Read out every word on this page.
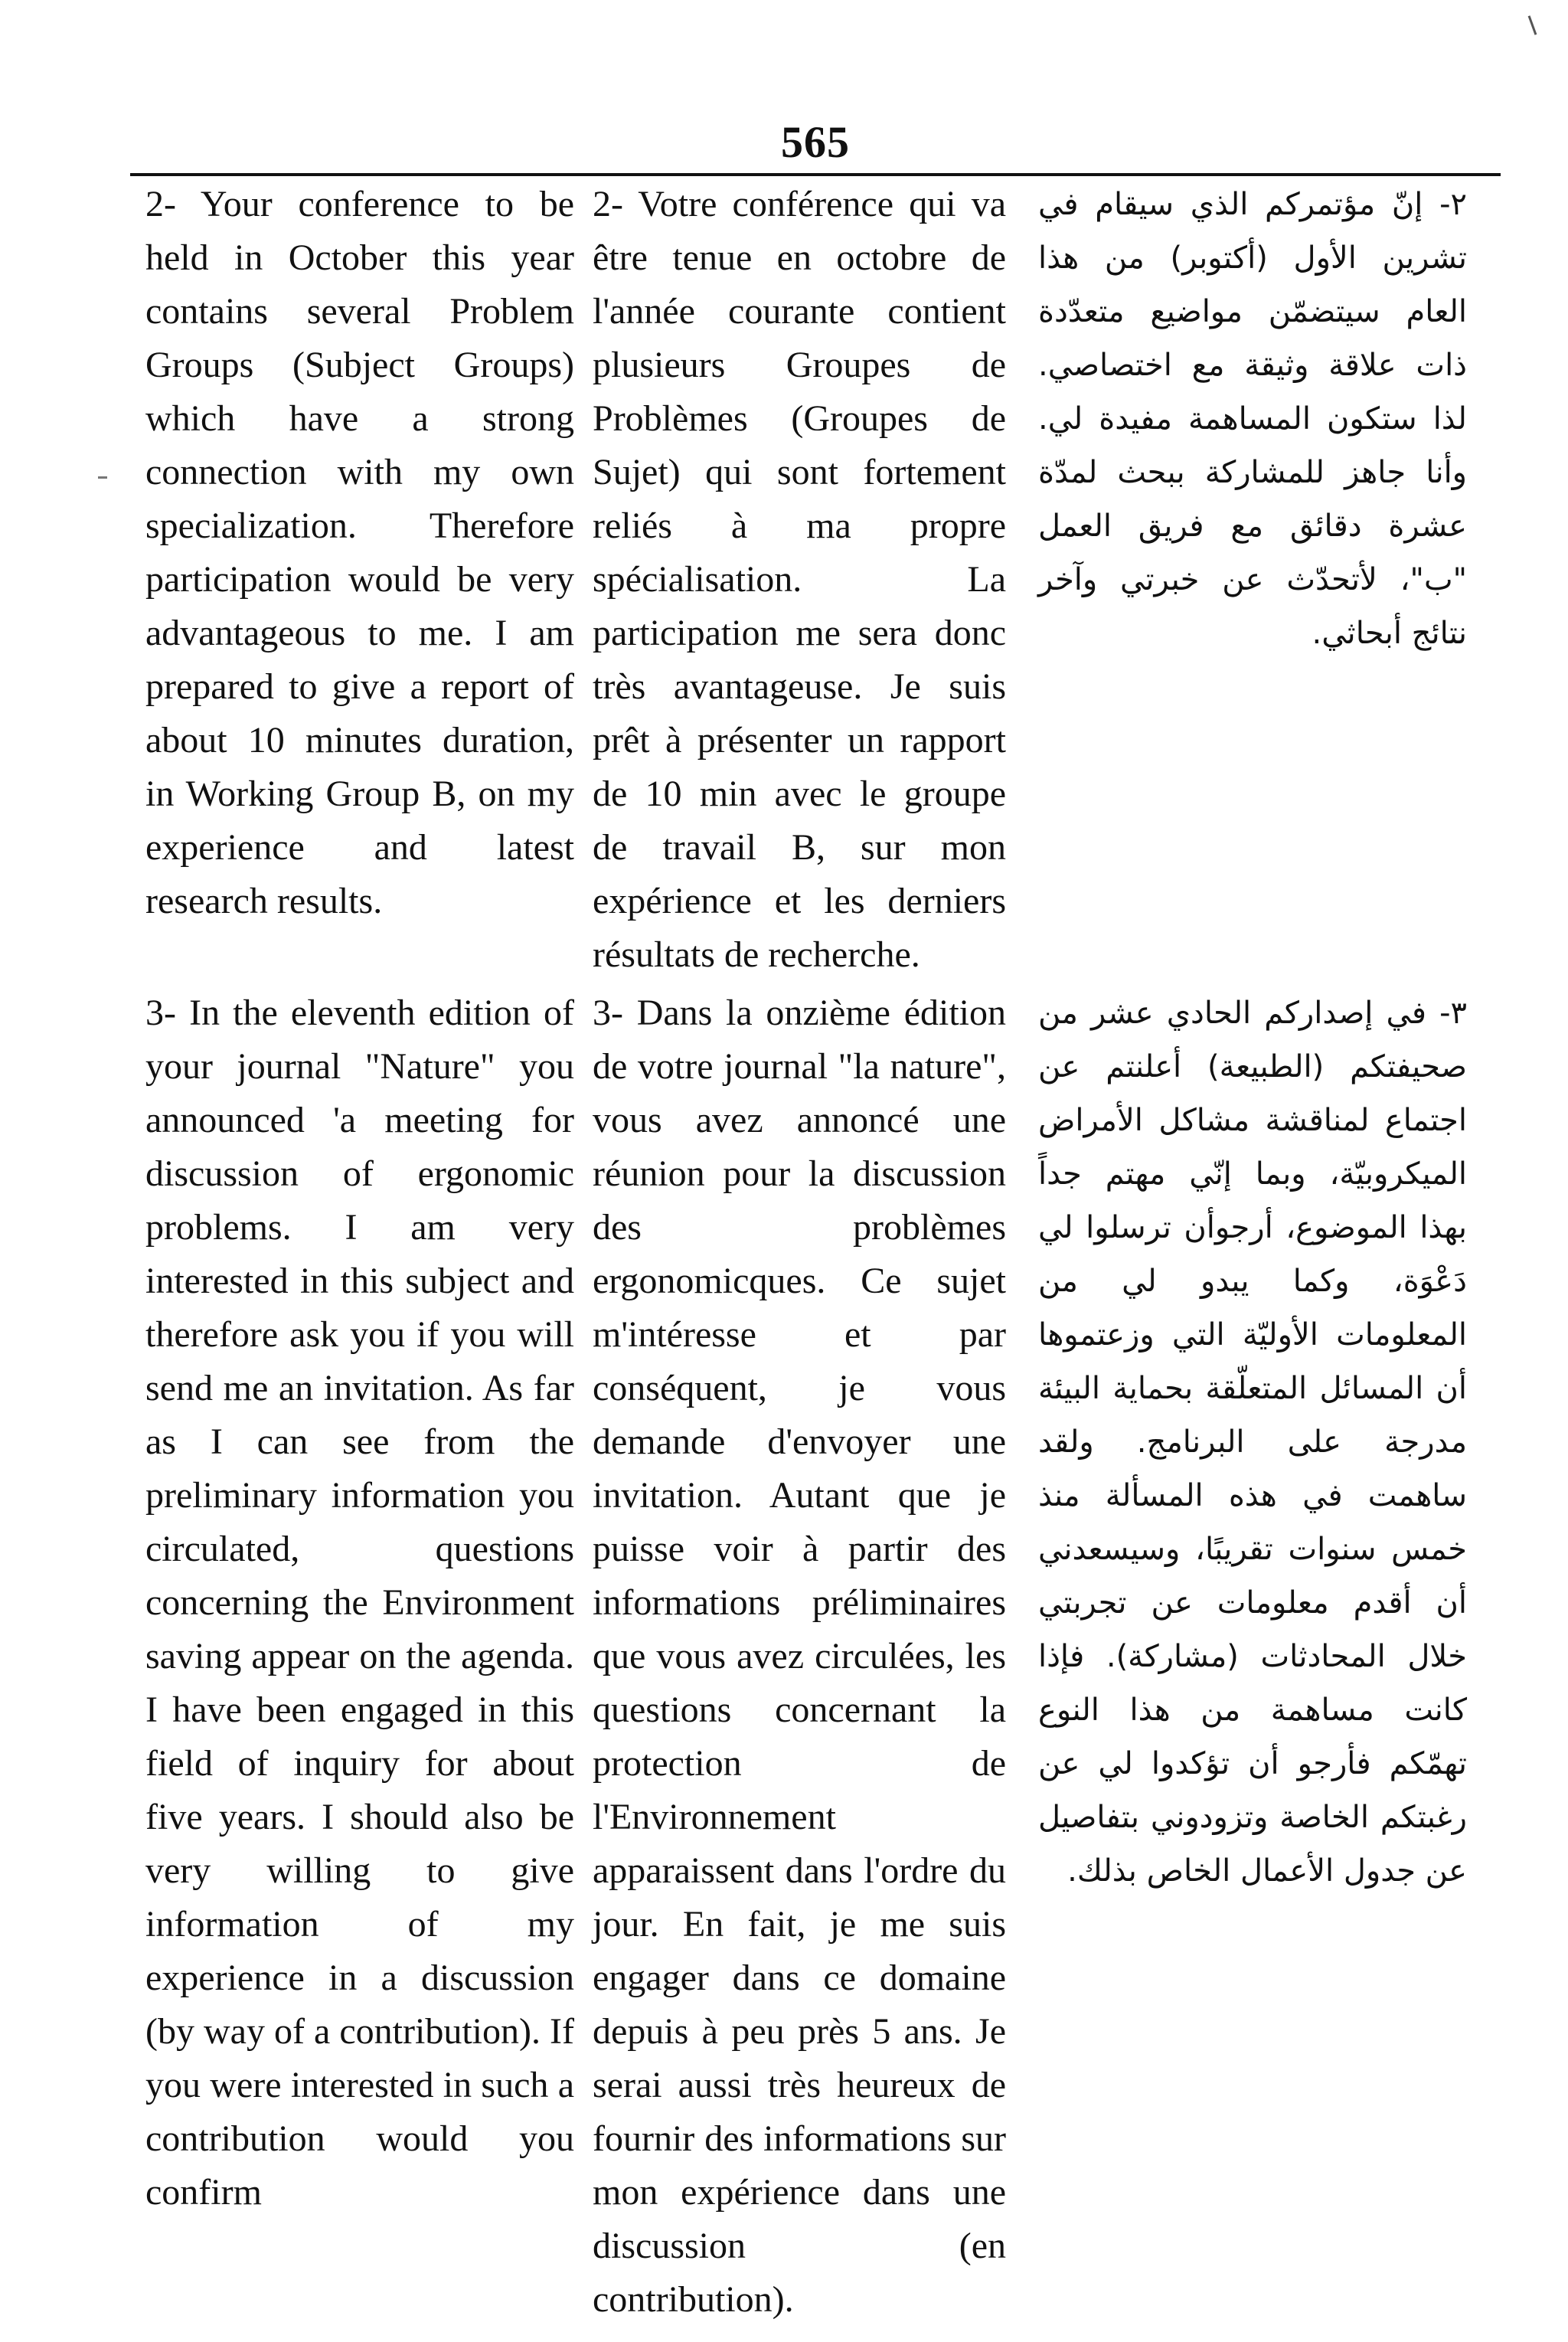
565

2- Your conference to be held in October this year contains several Problem Groups (Subject Groups) which have a strong connection with my own specialization. Therefore participation would be very advantageous to me. I am prepared to give a report of about 10 minutes duration, in Working Group B, on my experience and latest research results.

2- Votre conférence qui va être tenue en octobre de l'année courante contient plusieurs Groupes de Problèmes (Groupes de Sujet) qui sont fortement reliés à ma propre spécialisation. La participation me sera donc très avantageuse. Je suis prêt à présenter un rapport de 10 min avec le groupe de travail B, sur mon expérience et les derniers résultats de recherche.

٢- إنّ مؤتمركم الذي سيقام في تشرين الأول (أكتوبر) من هذا العام سيتضمّن مواضيع متعدّدة ذات علاقة وثيقة مع اختصاصي. لذا ستكون المساهمة مفيدة لي. وأنا جاهز للمشاركة ببحث لمدّة عشرة دقائق مع فريق العمل "ب"، لأتحدّث عن خبرتي وآخر نتائج أبحاثي.

3- In the eleventh edition of your journal "Nature" you announced 'a meeting for discussion of ergonomic problems. I am very interested in this subject and therefore ask you if you will send me an invitation. As far as I can see from the preliminary information you circulated, questions concerning the Environment saving appear on the agenda. I have been engaged in this field of inquiry for about five years. I should also be very willing to give information of my experience in a discussion (by way of a contribution). If you were interested in such a contribution would you confirm

3- Dans la onzième édition de votre journal "la nature", vous avez annoncé une réunion pour la discussion des problèmes ergonomicques. Ce sujet m'intéresse et par conséquent, je vous demande d'envoyer une invitation. Autant que je puisse voir à partir des informations préliminaires que vous avez circulées, les questions concernant la protection de l'Environnement apparaissent dans l'ordre du jour. En fait, je me suis engager dans ce domaine depuis à peu près 5 ans. Je serai aussi très heureux de fournir des informations sur mon expérience dans une discussion (en contribution).

٣- في إصداركم الحادي عشر من صحيفتكم (الطبيعة) أعلنتم عن اجتماع لمناقشة مشاكل الأمراض الميكروبيّة، وبما إنّي مهتم جداً بهذا الموضوع، أرجوأن ترسلوا لي دَعْوَة، وكما يبدو لي من المعلومات الأوليّة التي وزعتموها أن المسائل المتعلّقة بحماية البيئة مدرجة على البرنامج. ولقد ساهمت في هذه المسألة منذ خمس سنوات تقريبًا، وسيسعدني أن أقدم معلومات عن تجربتي خلال المحادثات (مشاركة). فإذا كانت مساهمة من هذا النوع تهمّكم فأرجو أن تؤكدوا لي عن رغبتكم الخاصة وتزودوني بتفاصيل عن جدول الأعمال الخاص بذلك.
